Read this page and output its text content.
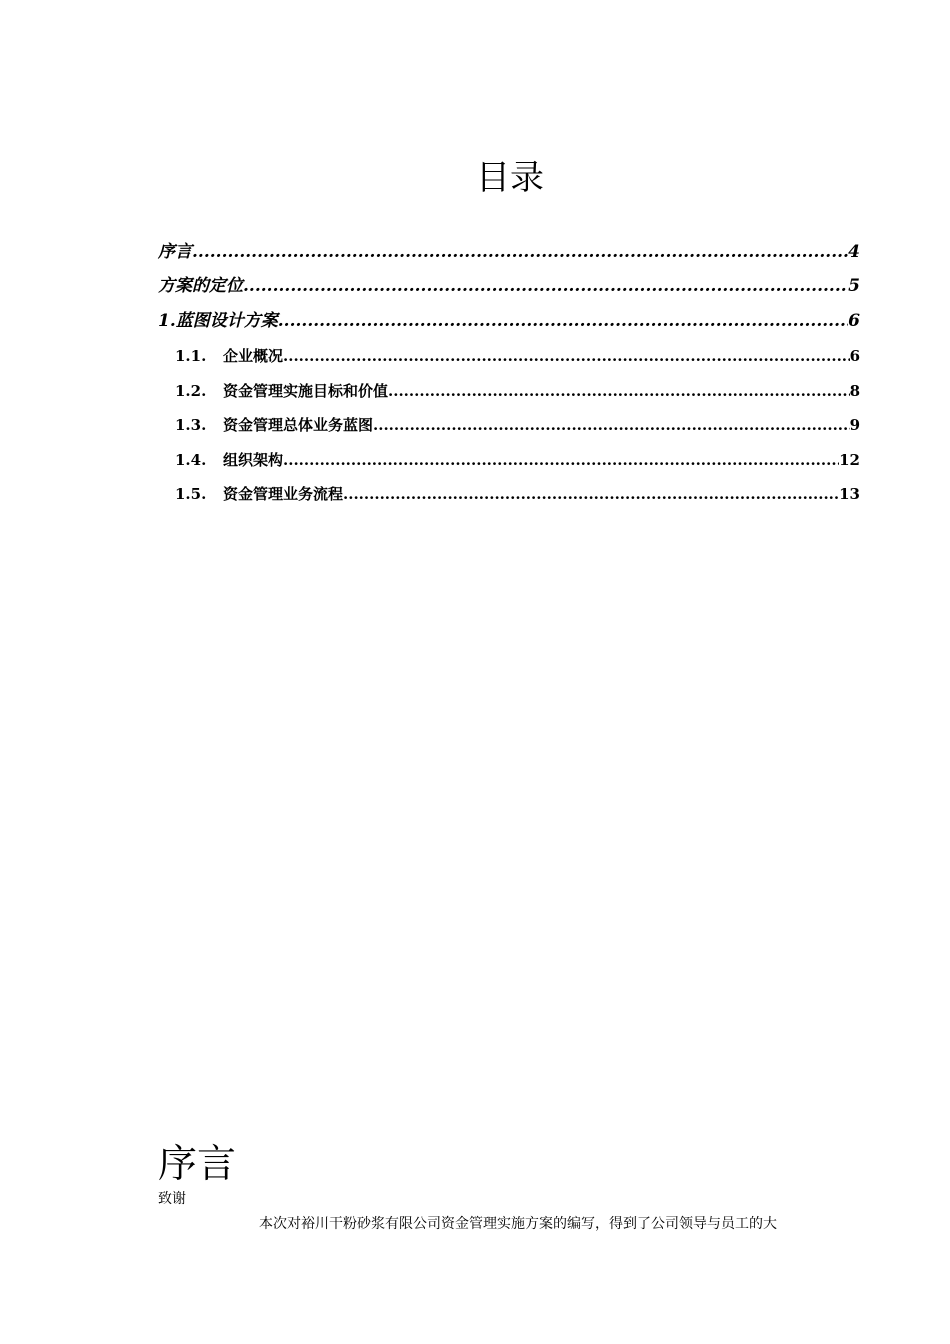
目录
序言 .....	4
方案的定位 .....	5
1.蓝图设计方案 .....	6
1.1.	企业概况 .....	6
1.2.	资金管理实施目标和价值 .....	8
1.3.	资金管理总体业务蓝图 .....	9
1.4.	组织架构 .....	12
1.5.	资金管理业务流程 .....	13
序言

致谢

本次对裕川干粉砂浆有限公司资金管理实施方案的编写，得到了公司领导与员工的大
